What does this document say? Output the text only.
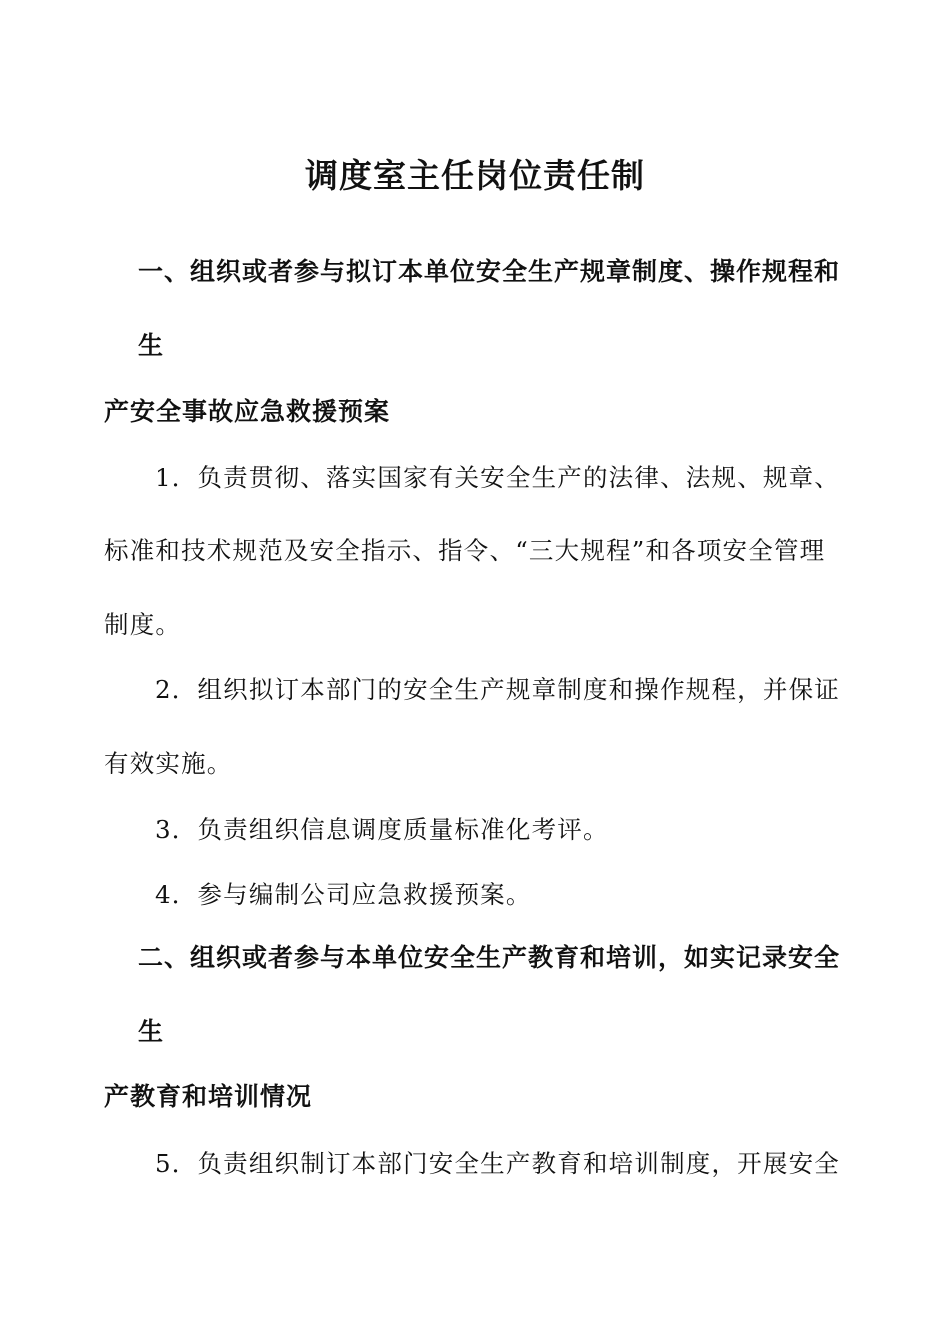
调度室主任岗位责任制
一、组织或者参与拟订本单位安全生产规章制度、操作规程和
生
产安全事故应急救援预案
1．负责贯彻、落实国家有关安全生产的法律、法规、规章、
标准和技术规范及安全指示、指令、“三大规程”和各项安全管理
制度。
2．组织拟订本部门的安全生产规章制度和操作规程，并保证
有效实施。
3．负责组织信息调度质量标准化考评。
4．参与编制公司应急救援预案。
二、组织或者参与本单位安全生产教育和培训，如实记录安全
生
产教育和培训情况
5．负责组织制订本部门安全生产教育和培训制度，开展安全
